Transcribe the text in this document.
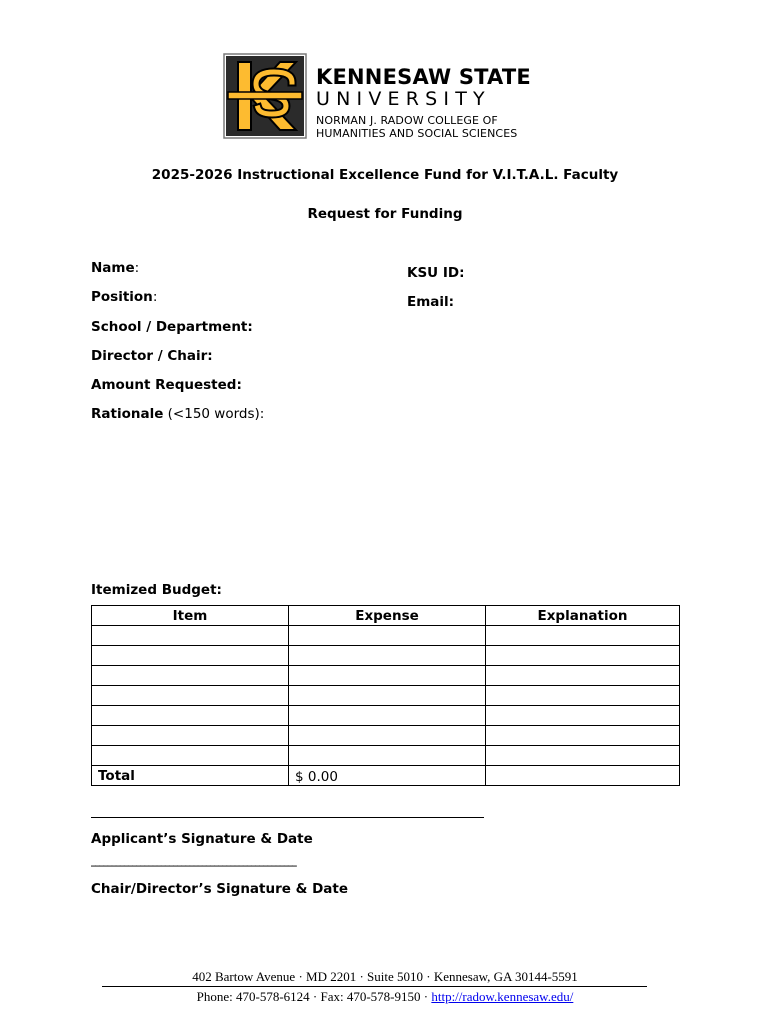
KENNESAW STATE
UNIVERSITY
NORMAN J. RADOW COLLEGE OF
HUMANITIES AND SOCIAL SCIENCES
2025-2026 Instructional Excellence Fund for V.I.T.A.L. Faculty
Request for Funding
Name:	KSU ID:
Position:	Email:
School / Department:
Director / Chair:
Amount Requested:
Rationale (<150 words):
Itemized Budget:
Item	Expense	Explanation

Total	$ 0.00	
Applicant’s Signature & Date
__________________________________________________
Chair/Director’s Signature & Date
402 Bartow Avenue · MD 2201 · Suite 5010 · Kennesaw, GA 30144-5591
Phone: 470-578-6124 · Fax: 470-578-9150 · http://radow.kennesaw.edu/
